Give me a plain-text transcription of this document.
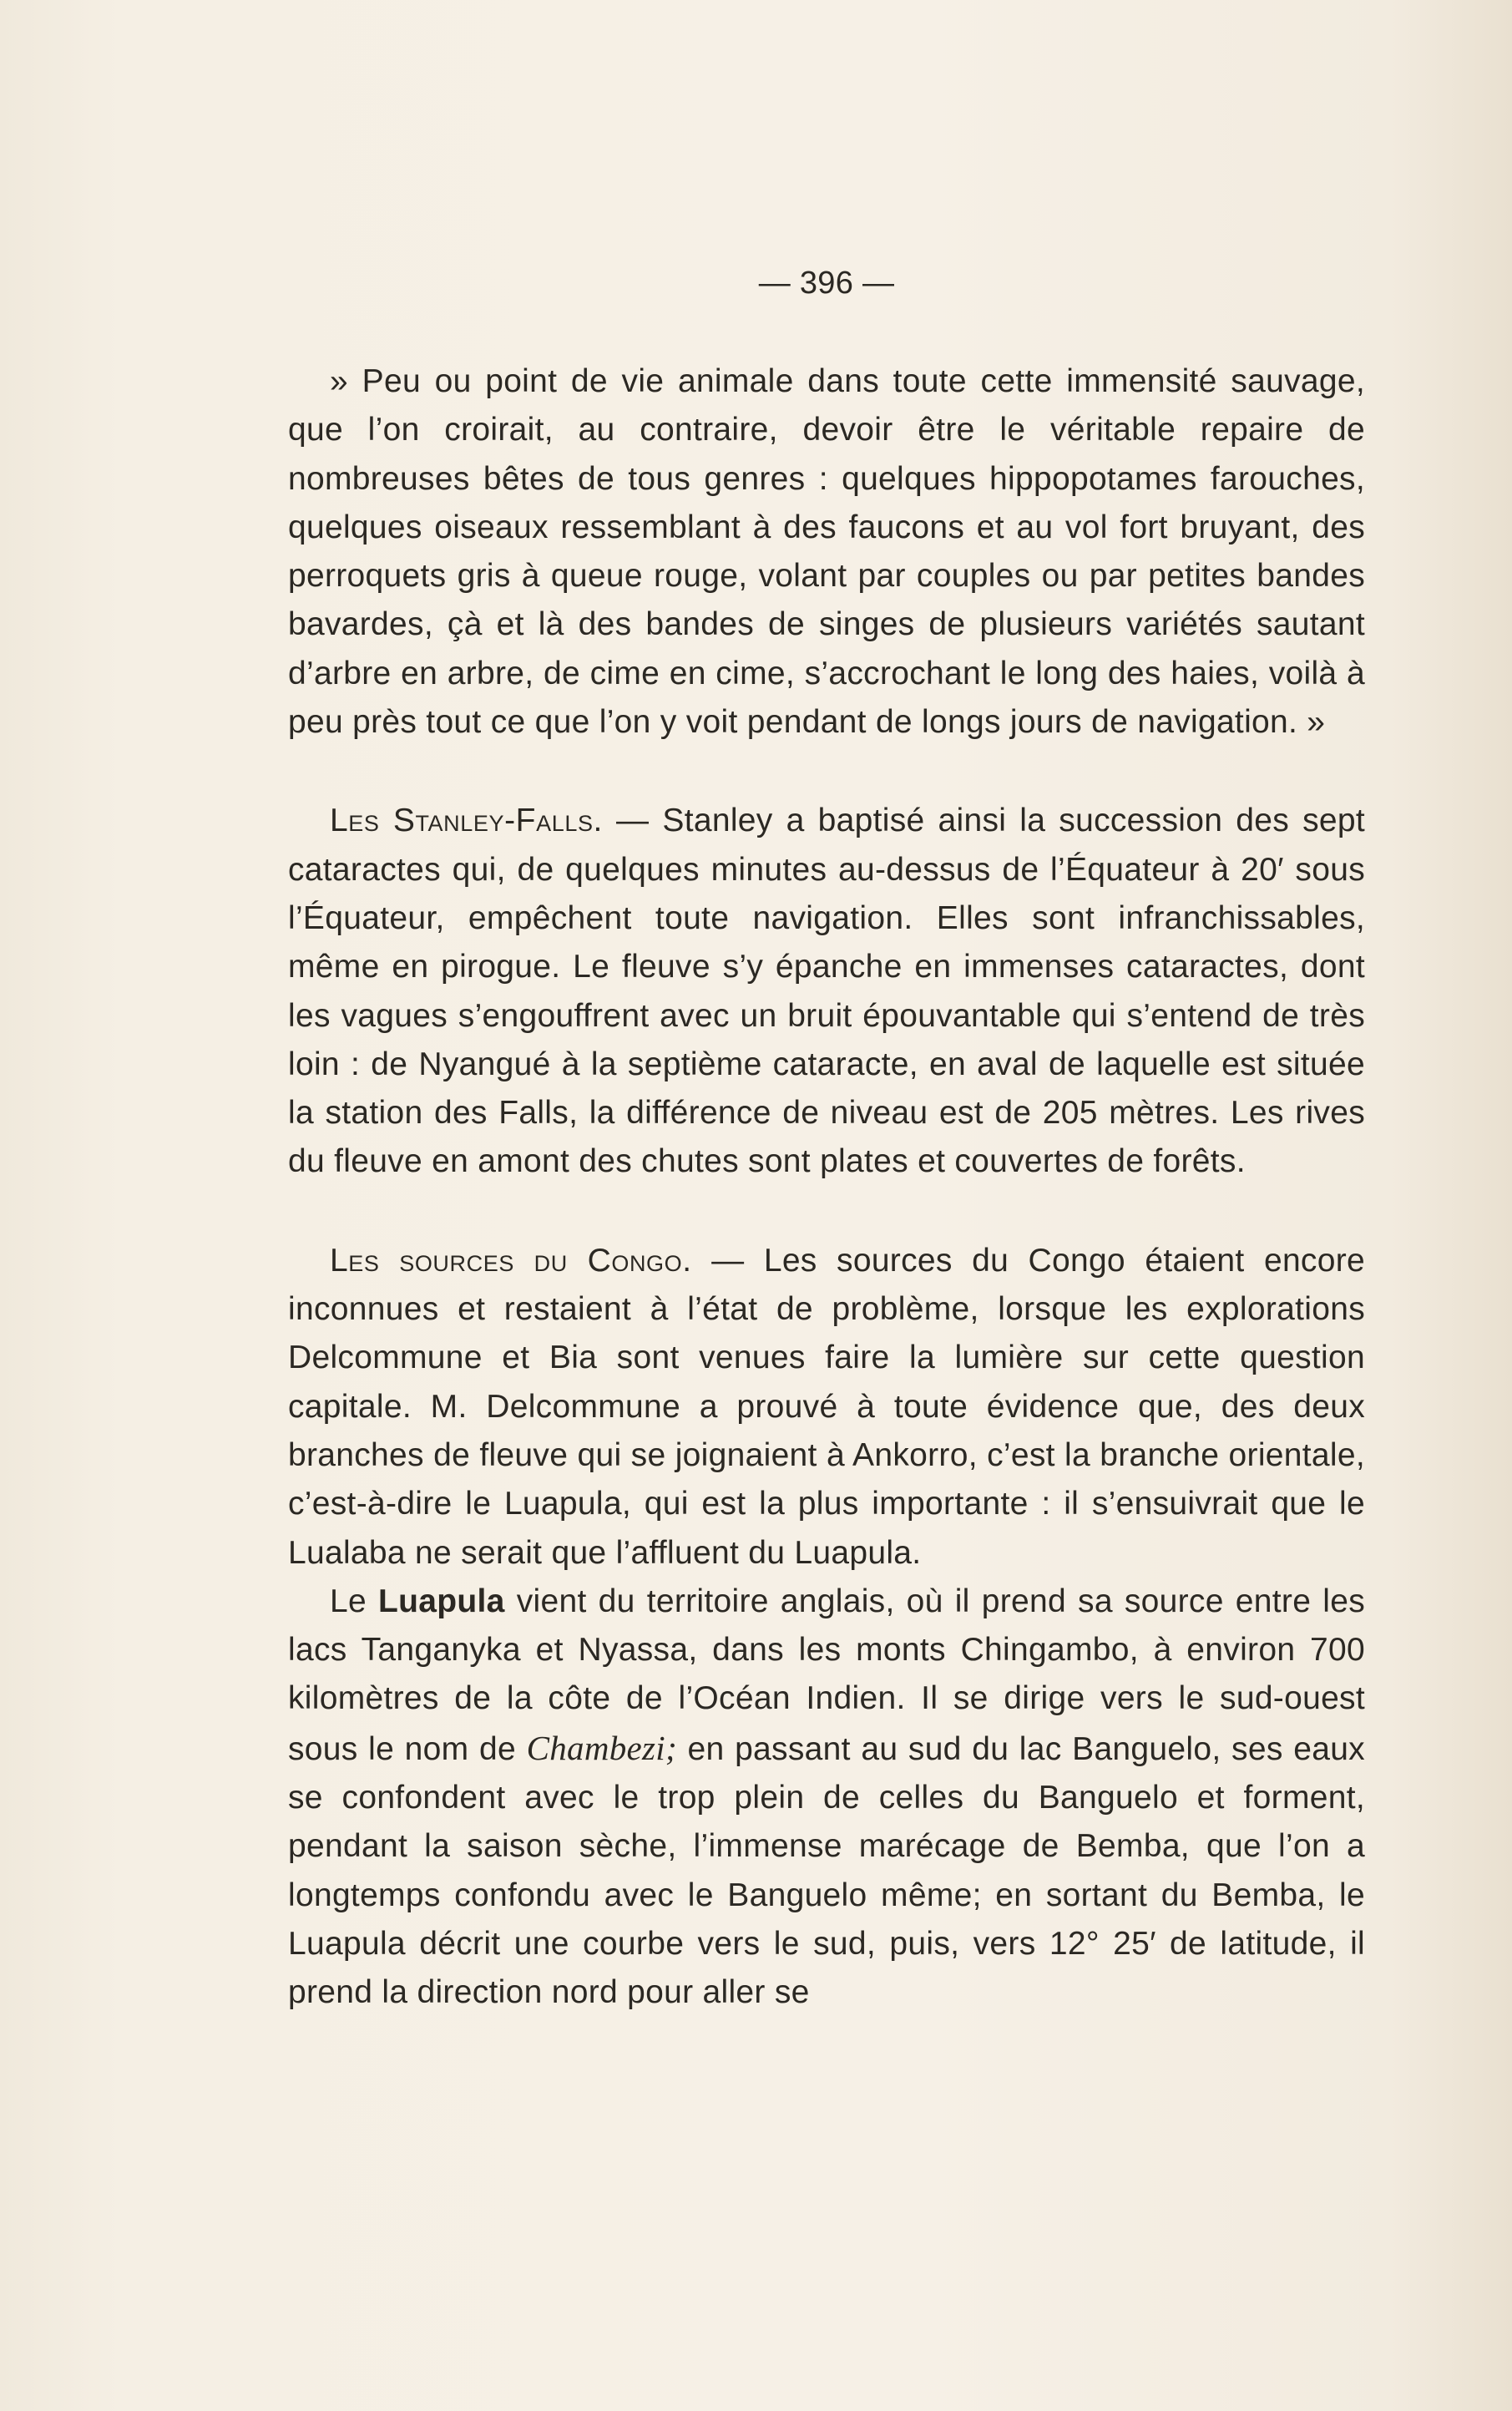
— 396 —

» Peu ou point de vie animale dans toute cette immensité sauvage, que l’on croirait, au contraire, devoir être le véritable repaire de nombreuses bêtes de tous genres : quelques hippopotames farouches, quelques oiseaux ressemblant à des faucons et au vol fort bruyant, des perroquets gris à queue rouge, volant par couples ou par petites bandes bavardes, çà et là des bandes de singes de plusieurs variétés sautant d’arbre en arbre, de cime en cime, s’accrochant le long des haies, voilà à peu près tout ce que l’on y voit pendant de longs jours de navigation. »

Les Stanley-Falls. — Stanley a baptisé ainsi la succession des sept cataractes qui, de quelques minutes au-dessus de l’Équateur à 20′ sous l’Équateur, empêchent toute navigation. Elles sont infranchissables, même en pirogue. Le fleuve s’y épanche en immenses cataractes, dont les vagues s’engouffrent avec un bruit épouvantable qui s’entend de très loin : de Nyangué à la septième cataracte, en aval de laquelle est située la station des Falls, la différence de niveau est de 205 mètres. Les rives du fleuve en amont des chutes sont plates et couvertes de forêts.

Les sources du Congo. — Les sources du Congo étaient encore inconnues et restaient à l’état de problème, lorsque les explorations Delcommune et Bia sont venues faire la lumière sur cette question capitale. M. Delcommune a prouvé à toute évidence que, des deux branches de fleuve qui se joignaient à Ankorro, c’est la branche orientale, c’est-à-dire le Luapula, qui est la plus importante : il s’ensuivrait que le Lualaba ne serait que l’affluent du Luapula.

Le Luapula vient du territoire anglais, où il prend sa source entre les lacs Tanganyka et Nyassa, dans les monts Chingambo, à environ 700 kilomètres de la côte de l’Océan Indien. Il se dirige vers le sud-ouest sous le nom de Chambezi; en passant au sud du lac Banguelo, ses eaux se confondent avec le trop plein de celles du Banguelo et forment, pendant la saison sèche, l’immense marécage de Bemba, que l’on a longtemps confondu avec le Banguelo même; en sortant du Bemba, le Luapula décrit une courbe vers le sud, puis, vers 12° 25′ de latitude, il prend la direction nord pour aller se
